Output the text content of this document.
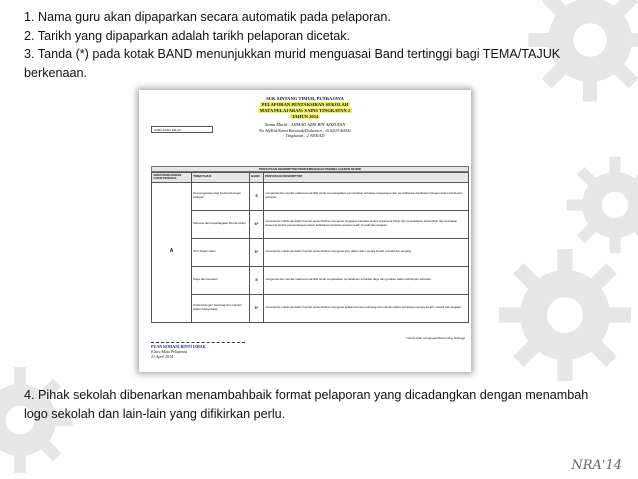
1. Nama guru akan dipaparkan secara automatik pada pelaporan.

2. Tarikh yang dipaparkan adalah tarikh pelaporan dicetak.

3. Tanda (*) pada kotak BAND menunjukkan murid menguasai Band tertinggi bagi TEMA/TAJUK berkenaan.

SUK SINTANG TIMUR, PUTRAJAYA
PELAPORAN PENTAKSIRAN SEKOLAH
MATA PELAJARAN: SAINS TINGKATAN 2
TAHUN 2014
Nama Murid : AHMAD AZRI BIN AZIZUDIN
No MyKid/Surat Beranak/Dokumen : 010203-40041
Tingkatan : 2 NEKAD
NAMA GURU KELAS
PENYATAAN DESKRIPTOR PERKEMBANGAN PEMBELAJARAN MURID
GRED PENCAPAIAN UJIAN PENGGAL	TEMA/TAJUK	BAND	PENYATAAN DESKRIPTOR
A	Penyenggaraan dan Kesinambungan Hidupan	5	mengamal dan menilai maklumat saintifik untuk menyampaikan pemerhatian terhadap rangsangan dan pemeliharaan kesihatan hidupan dalam kehidupan seharian.
	Manusia dan Kepelbagaian Benda Hidup	6*	mensintesis maklumat dalam bentuk persembahan mengenai rangkaian interaksi antara organisma hidup dan persekitaran, kebersihan dan kesihatan kesemua bentuk perkembangan dalam kehidupan seharian secara kreatif, inovatif dan langkap.
	Jirim Dalam Alam	6*	mensintesis maklumat dalam bentuk persembahan mengenai jirim dalam alam secara kreatif, inovatif dan langkap.
	Daya dan Gerakan	5	mengamal dan menilai maklumat saintifik untuk menjelaskan pemahaman terhadap daya dan gerakan dalam kehidupan seharian.
	Perkembangan Teknologi dan Industri Dalam Masyarakat	6*	mensintesis maklumat dalam bentuk persembahan mengenai aplikasi konsep teknologi dan industri dalam kehidupan secara kreatif, inovatif dan langkap.
* Murid telah menguasai Band yang Tertinggi
PUAN ROHANI BINTI ISHAK
(Guru Mata Pelajaran)
21 April 2014
4. Pihak sekolah dibenarkan menambahbaik format pelaporan yang dicadangkan dengan menambah logo sekolah dan lain-lain yang difikirkan perlu.
NRA'14
